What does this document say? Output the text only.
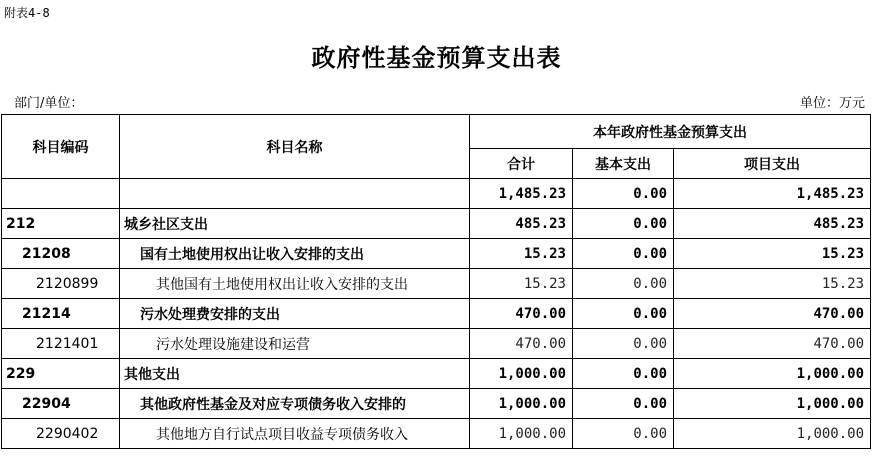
附表4-8
政府性基金预算支出表
部门/单位：	单位：万元
科目编码	科目名称	本年政府性基金预算支出		
		合计	基本支出	项目支出
		1,485.23	0.00	1,485.23
212	城乡社区支出	485.23	0.00	485.23
21208	国有土地使用权出让收入安排的支出	15.23	0.00	15.23
2120899	其他国有土地使用权出让收入安排的支出	15.23	0.00	15.23
21214	污水处理费安排的支出	470.00	0.00	470.00
2121401	污水处理设施建设和运营	470.00	0.00	470.00
229	其他支出	1,000.00	0.00	1,000.00
22904	其他政府性基金及对应专项债务收入安排的	1,000.00	0.00	1,000.00
2290402	其他地方自行试点项目收益专项债务收入	1,000.00	0.00	1,000.00
